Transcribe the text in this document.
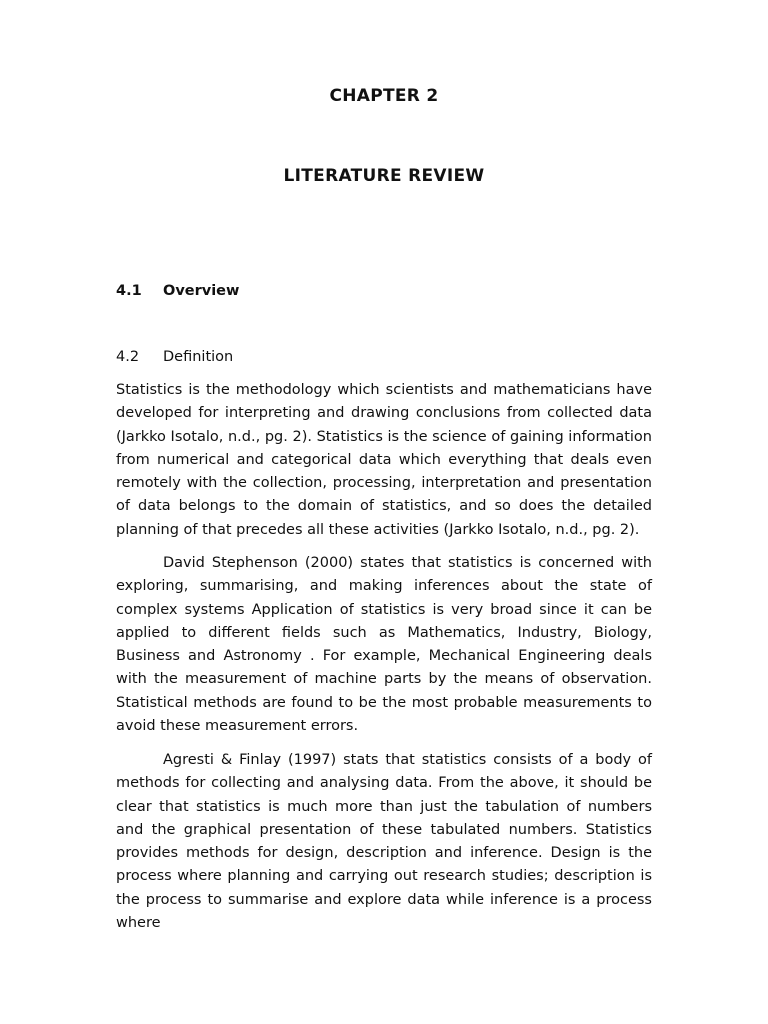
CHAPTER 2
LITERATURE REVIEW
4.1	Overview
4.2	Definition

Statistics is the methodology which scientists and mathematicians have developed for interpreting and drawing conclusions from collected data (Jarkko Isotalo, n.d., pg. 2). Statistics is the science of gaining information from numerical and categorical data which everything that deals even remotely with the collection, processing, interpretation and presentation of data belongs to the domain of statistics, and so does the detailed planning of that precedes all these activities (Jarkko Isotalo, n.d., pg. 2).

David Stephenson (2000) states that statistics is concerned with exploring, summarising, and making inferences about the state of complex systems Application of statistics is very broad since it can be applied to different fields such as Mathematics, Industry, Biology, Business and Astronomy . For example, Mechanical Engineering deals with the measurement of machine parts by the means of observation. Statistical methods are found to be the most probable measurements to avoid these measurement errors.

Agresti & Finlay (1997) stats that statistics consists of a body of methods for collecting and analysing data. From the above, it should be clear that statistics is much more than just the tabulation of numbers and the graphical presentation of these tabulated numbers. Statistics provides methods for design, description and inference. Design is the process where planning and carrying out research studies; description is the process to summarise and explore data while inference is a process where
